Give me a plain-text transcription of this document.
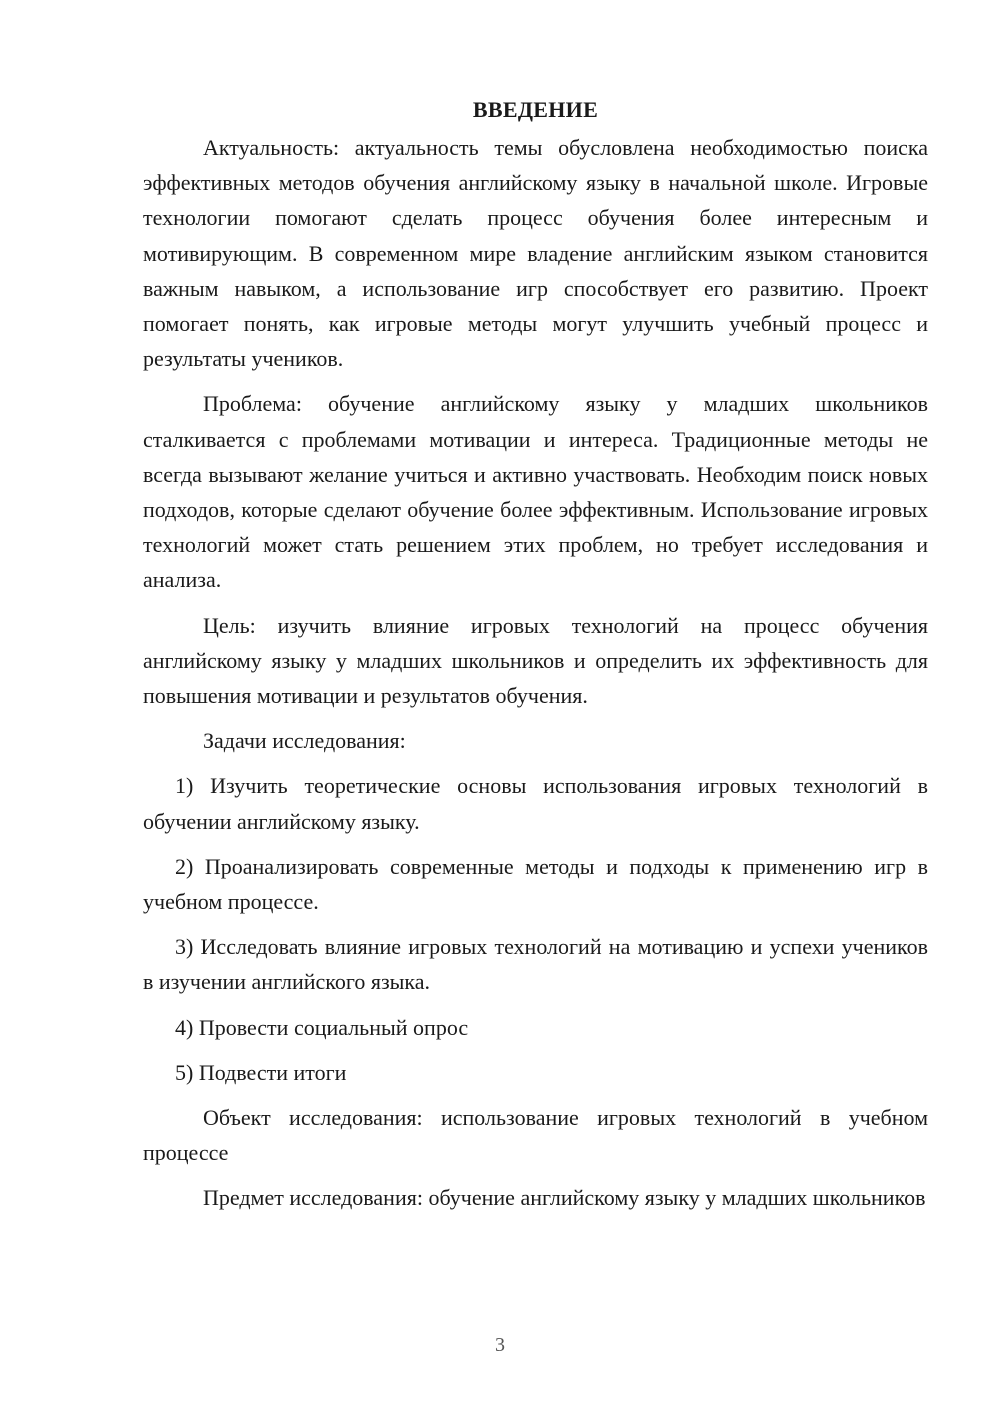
ВВЕДЕНИЕ

Актуальность: актуальность темы обусловлена необходимостью поиска эффективных методов обучения английскому языку в начальной школе. Игровые технологии помогают сделать процесс обучения более интересным и мотивирующим. В современном мире владение английским языком становится важным навыком, а использование игр способствует его развитию. Проект помогает понять, как игровые методы могут улучшить учебный процесс и результаты учеников.

Проблема: обучение английскому языку у младших школьников сталкивается с проблемами мотивации и интереса. Традиционные методы не всегда вызывают желание учиться и активно участвовать. Необходим поиск новых подходов, которые сделают обучение более эффективным. Использование игровых технологий может стать решением этих проблем, но требует исследования и анализа.

Цель: изучить влияние игровых технологий на процесс обучения английскому языку у младших школьников и определить их эффективность для повышения мотивации и результатов обучения.

Задачи исследования:

1) Изучить теоретические основы использования игровых технологий в обучении английскому языку.

2) Проанализировать современные методы и подходы к применению игр в учебном процессе.

3) Исследовать влияние игровых технологий на мотивацию и успехи учеников в изучении английского языка.

4) Провести социальный опрос

5) Подвести итоги

Объект исследования: использование игровых технологий в учебном процессе

Предмет исследования: обучение английскому языку у младших школьников

3
